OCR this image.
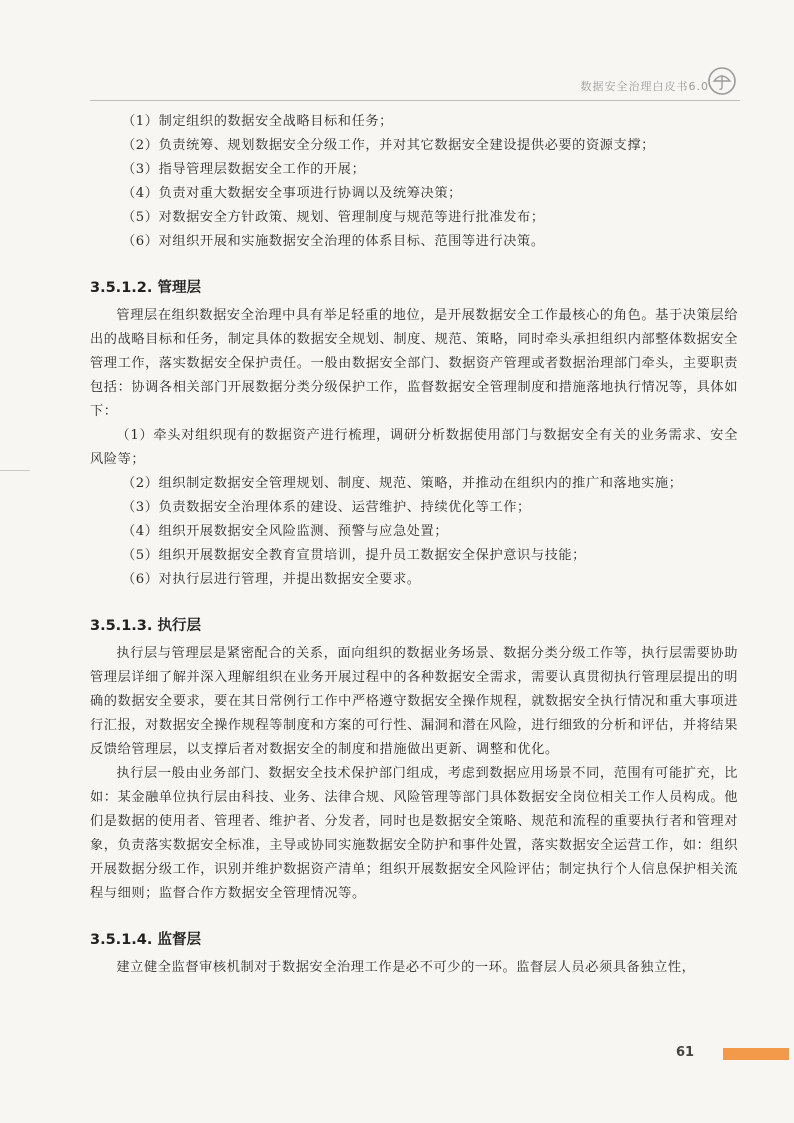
数据安全治理白皮书6.0
（1）制定组织的数据安全战略目标和任务；
（2）负责统筹、规划数据安全分级工作，并对其它数据安全建设提供必要的资源支撑；
（3）指导管理层数据安全工作的开展；
（4）负责对重大数据安全事项进行协调以及统筹决策；
（5）对数据安全方针政策、规划、管理制度与规范等进行批准发布；
（6）对组织开展和实施数据安全治理的体系目标、范围等进行决策。
3.5.1.2. 管理层
管理层在组织数据安全治理中具有举足轻重的地位，是开展数据安全工作最核心的角色。基于决策层给出的战略目标和任务，制定具体的数据安全规划、制度、规范、策略，同时牵头承担组织内部整体数据安全管理工作，落实数据安全保护责任。一般由数据安全部门、数据资产管理或者数据治理部门牵头，主要职责包括：协调各相关部门开展数据分类分级保护工作，监督数据安全管理制度和措施落地执行情况等，具体如下：
（1）牵头对组织现有的数据资产进行梳理，调研分析数据使用部门与数据安全有关的业务需求、安全风险等；
（2）组织制定数据安全管理规划、制度、规范、策略，并推动在组织内的推广和落地实施；
（3）负责数据安全治理体系的建设、运营维护、持续优化等工作；
（4）组织开展数据安全风险监测、预警与应急处置；
（5）组织开展数据安全教育宣贯培训，提升员工数据安全保护意识与技能；
（6）对执行层进行管理，并提出数据安全要求。
3.5.1.3. 执行层
执行层与管理层是紧密配合的关系，面向组织的数据业务场景、数据分类分级工作等，执行层需要协助管理层详细了解并深入理解组织在业务开展过程中的各种数据安全需求，需要认真贯彻执行管理层提出的明确的数据安全要求，要在其日常例行工作中严格遵守数据安全操作规程，就数据安全执行情况和重大事项进行汇报，对数据安全操作规程等制度和方案的可行性、漏洞和潜在风险，进行细致的分析和评估，并将结果反馈给管理层，以支撑后者对数据安全的制度和措施做出更新、调整和优化。
执行层一般由业务部门、数据安全技术保护部门组成，考虑到数据应用场景不同，范围有可能扩充，比如：某金融单位执行层由科技、业务、法律合规、风险管理等部门具体数据安全岗位相关工作人员构成。他们是数据的使用者、管理者、维护者、分发者，同时也是数据安全策略、规范和流程的重要执行者和管理对象，负责落实数据安全标准，主导或协同实施数据安全防护和事件处置，落实数据安全运营工作，如：组织开展数据分级工作，识别并维护数据资产清单；组织开展数据安全风险评估；制定执行个人信息保护相关流程与细则；监督合作方数据安全管理情况等。
3.5.1.4. 监督层
建立健全监督审核机制对于数据安全治理工作是必不可少的一环。监督层人员必须具备独立性，
61
